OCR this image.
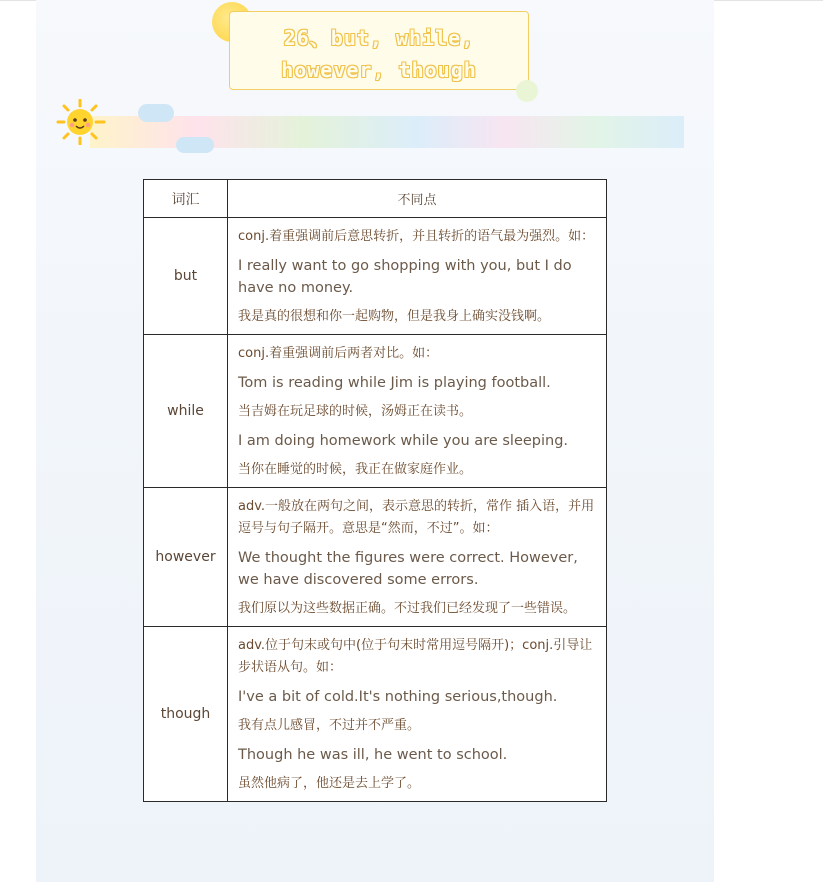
26、but, while,
however, though
词汇	不同点
but	conj.着重强调前后意思转折，并且转折的语气最为强烈。如：

I really want to go shopping with you, but I do have no money.

我是真的很想和你一起购物，但是我身上确实没钱啊。

while	conj.着重强调前后两者对比。如：

Tom is reading while Jim is playing football.

当吉姆在玩足球的时候，汤姆正在读书。

I am doing homework while you are sleeping.

当你在睡觉的时候，我正在做家庭作业。

however	adv.一般放在两句之间，表示意思的转折，常作 插入语，并用逗号与句子隔开。意思是“然而，不过”。如：

We thought the figures were correct. However, we have discovered some errors.

我们原以为这些数据正确。不过我们已经发现了一些错误。

though	adv.位于句末或句中(位于句末时常用逗号隔开)；conj.引导让步状语从句。如：

I've a bit of cold.It's nothing serious,though.

我有点儿感冒，不过并不严重。

Though he was ill, he went to school.

虽然他病了，他还是去上学了。
